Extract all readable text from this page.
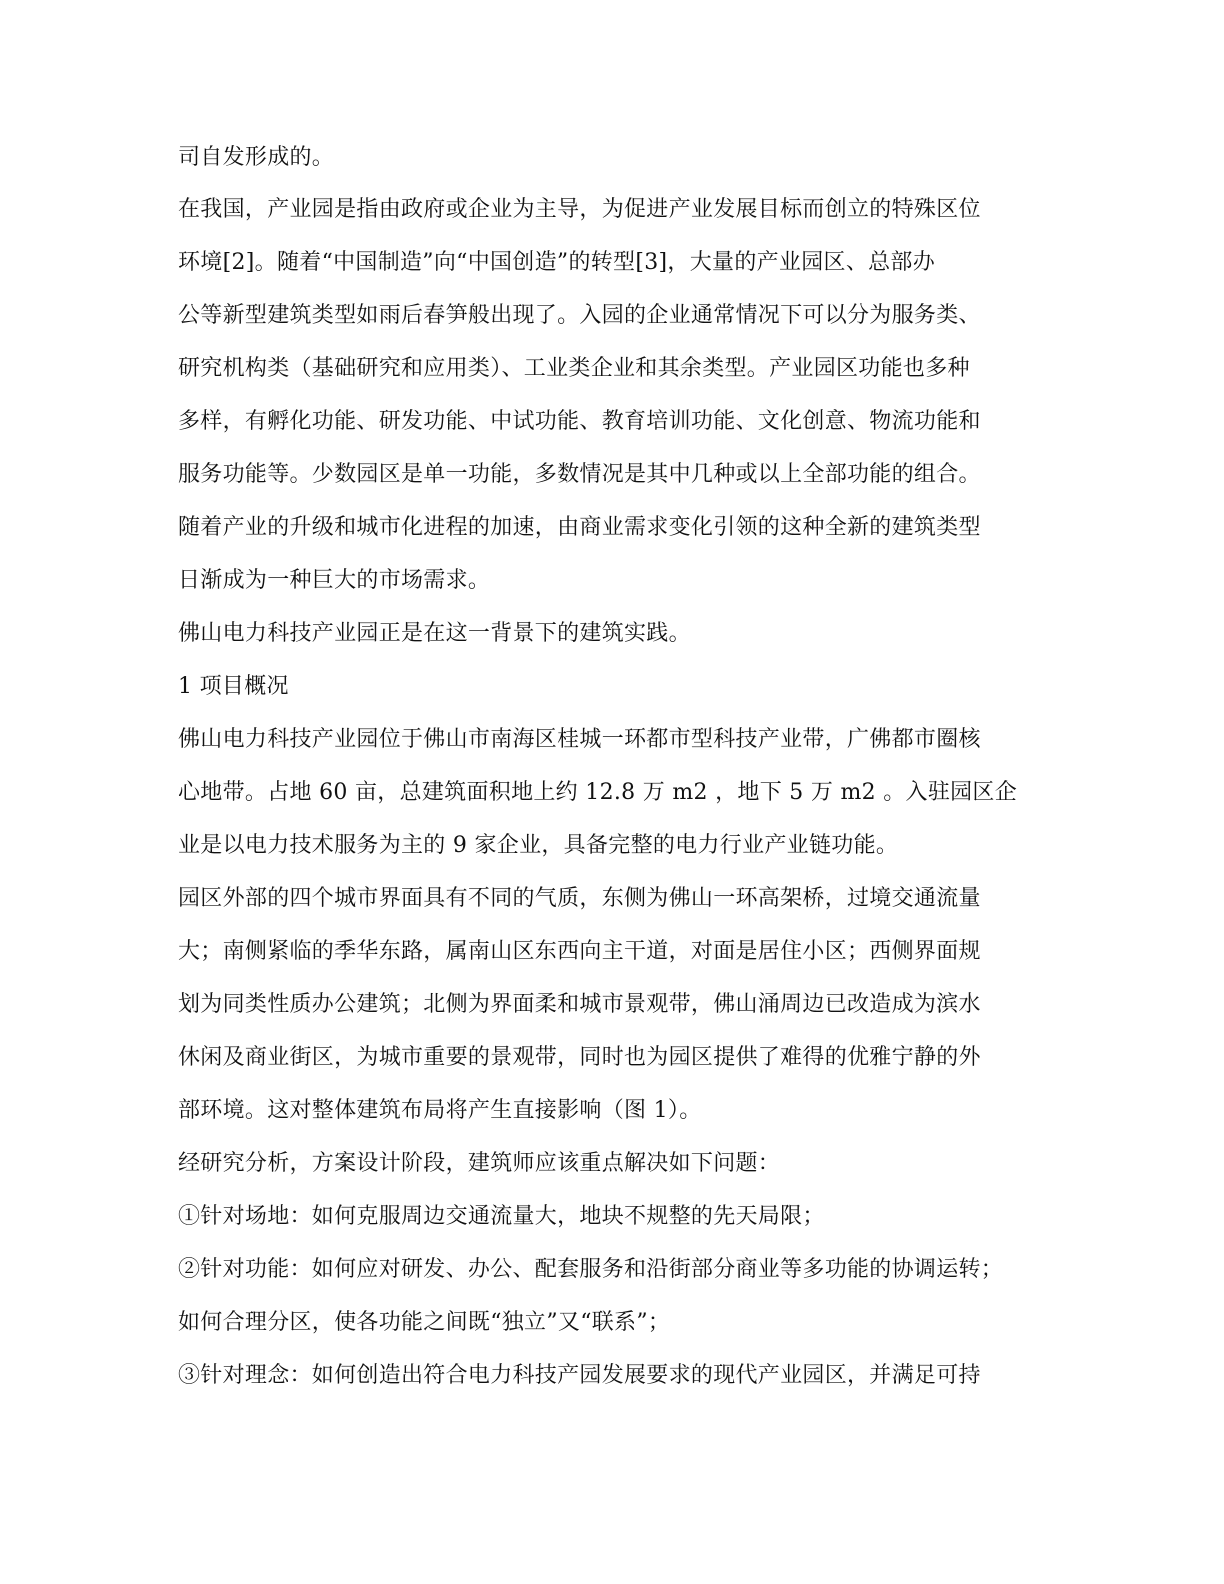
司自发形成的。
在我国，产业园是指由政府或企业为主导，为促进产业发展目标而创立的特殊区位
环境[2]。随着“中国制造”向“中国创造”的转型[3]，大量的产业园区、总部办
公等新型建筑类型如雨后春笋般出现了。入园的企业通常情况下可以分为服务类、
研究机构类（基础研究和应用类）、工业类企业和其余类型。产业园区功能也多种
多样，有孵化功能、研发功能、中试功能、教育培训功能、文化创意、物流功能和
服务功能等。少数园区是单一功能，多数情况是其中几种或以上全部功能的组合。
随着产业的升级和城市化进程的加速，由商业需求变化引领的这种全新的建筑类型
日渐成为一种巨大的市场需求。
佛山电力科技产业园正是在这一背景下的建筑实践。
1 项目概况
佛山电力科技产业园位于佛山市南海区桂城一环都市型科技产业带，广佛都市圈核
心地带。占地 60 亩，总建筑面积地上约 12.8 万 m2 ，地下 5 万 m2 。入驻园区企
业是以电力技术服务为主的 9 家企业，具备完整的电力行业产业链功能。
园区外部的四个城市界面具有不同的气质，东侧为佛山一环高架桥，过境交通流量
大；南侧紧临的季华东路，属南山区东西向主干道，对面是居住小区；西侧界面规
划为同类性质办公建筑；北侧为界面柔和城市景观带，佛山涌周边已改造成为滨水
休闲及商业街区，为城市重要的景观带，同时也为园区提供了难得的优雅宁静的外
部环境。这对整体建筑布局将产生直接影响（图 1）。
经研究分析，方案设计阶段，建筑师应该重点解决如下问题：
①针对场地：如何克服周边交通流量大，地块不规整的先天局限；
②针对功能：如何应对研发、办公、配套服务和沿街部分商业等多功能的协调运转；
如何合理分区，使各功能之间既“独立”又“联系”；
③针对理念：如何创造出符合电力科技产园发展要求的现代产业园区，并满足可持
